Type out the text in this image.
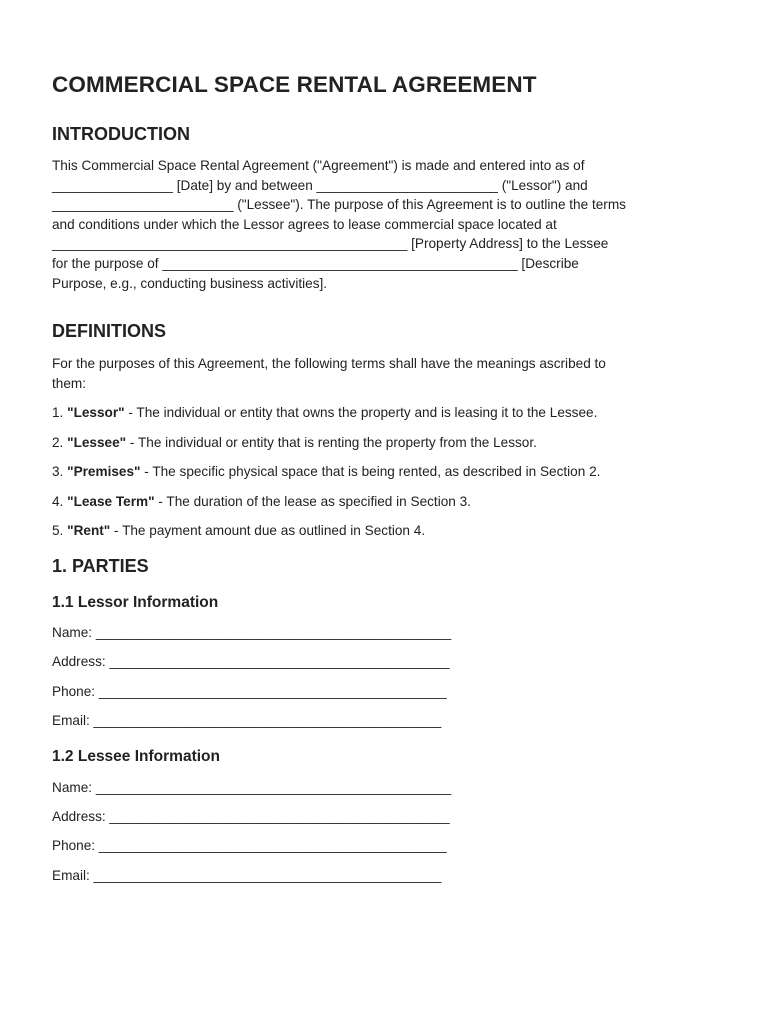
COMMERCIAL SPACE RENTAL AGREEMENT
INTRODUCTION

This Commercial Space Rental Agreement ("Agreement") is made and entered into as of

________________ [Date] by and between ________________________ ("Lessor") and

________________________ ("Lessee"). The purpose of this Agreement is to outline the terms

and conditions under which the Lessor agrees to lease commercial space located at

_______________________________________________ [Property Address] to the Lessee

for the purpose of _______________________________________________ [Describe

Purpose, e.g., conducting business activities].

DEFINITIONS

For the purposes of this Agreement, the following terms shall have the meanings ascribed to

them:

1. "Lessor" - The individual or entity that owns the property and is leasing it to the Lessee.
2. "Lessee" - The individual or entity that is renting the property from the Lessor.
3. "Premises" - The specific physical space that is being rented, as described in Section 2.
4. "Lease Term" - The duration of the lease as specified in Section 3.
5. "Rent" - The payment amount due as outlined in Section 4.
1. PARTIES
1.1 Lessor Information
Name: _______________________________________________
Address: _____________________________________________
Phone: ______________________________________________
Email: ______________________________________________
1.2 Lessee Information
Name: _______________________________________________
Address: _____________________________________________
Phone: ______________________________________________
Email: ______________________________________________
